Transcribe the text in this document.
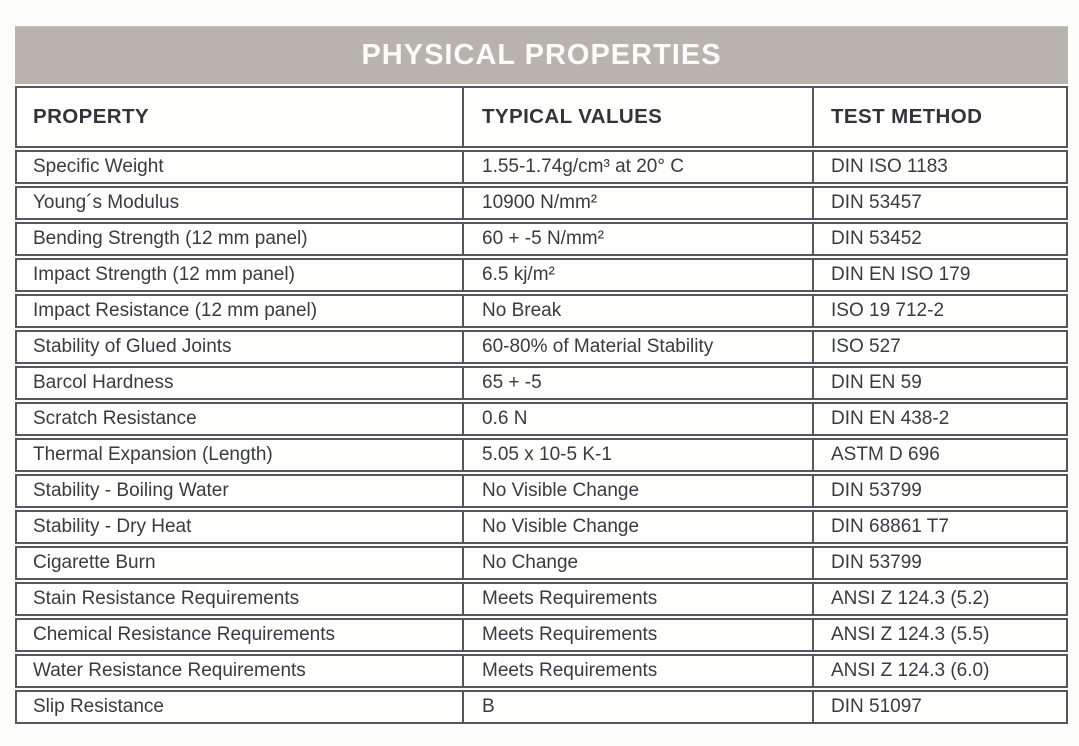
PHYSICAL PROPERTIES
PROPERTY	TYPICAL VALUES	TEST METHOD
Specific Weight	1.55-1.74g/cm³ at 20° C	DIN ISO 1183
Young´s Modulus	10900 N/mm²	DIN 53457
Bending Strength (12 mm panel)	60 + -5 N/mm²	DIN 53452
Impact Strength (12 mm panel)	6.5 kj/m²	DIN EN ISO 179
Impact Resistance (12 mm panel)	No Break	ISO 19 712-2
Stability of Glued Joints	60-80% of Material Stability	ISO 527
Barcol Hardness	65 + -5	DIN EN 59
Scratch Resistance	0.6 N	DIN EN 438-2
Thermal Expansion (Length)	5.05 x 10-5 K-1	ASTM D 696
Stability - Boiling Water	No Visible Change	DIN 53799
Stability - Dry Heat	No Visible Change	DIN 68861 T7
Cigarette Burn	No Change	DIN 53799
Stain Resistance Requirements	Meets Requirements	ANSI Z 124.3 (5.2)
Chemical Resistance Requirements	Meets Requirements	ANSI Z 124.3 (5.5)
Water Resistance Requirements	Meets Requirements	ANSI Z 124.3 (6.0)
Slip Resistance	B	DIN 51097
